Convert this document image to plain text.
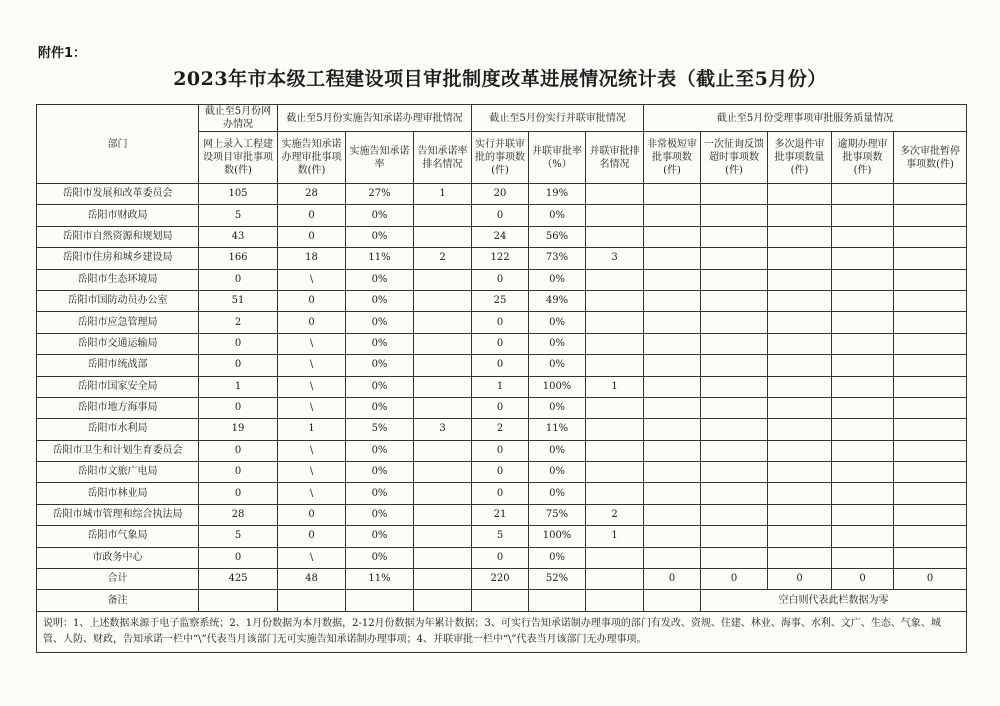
附件1：
2023年市本级工程建设项目审批制度改革进展情况统计表（截止至5月份）
部门	截止至5月份网办情况	截止至5月份实施告知承诺办理审批情况			截止至5月份实行并联审批情况			截止至5月份受理事项审批服务质量情况				
	网上录入工程建设项目审批事项数(件)	实施告知承诺办理审批事项数(件)	实施告知承诺率	告知承诺率排名情况	实行并联审批的事项数(件)	并联审批率（%）	并联审批排名情况	非常极短审批事项数(件)	一次征询反馈超时事项数(件)	多次退件审批事项数量(件)	逾期办理审批事项数(件)	多次审批暂停事项数(件)
岳阳市发展和改革委员会	105	28	27%	1	20	19%						
岳阳市财政局	5	0	0%		0	0%						
岳阳市自然资源和规划局	43	0	0%		24	56%						
岳阳市住房和城乡建设局	166	18	11%	2	122	73%	3					
岳阳市生态环境局	0	\	0%		0	0%						
岳阳市国防动员办公室	51	0	0%		25	49%						
岳阳市应急管理局	2	0	0%		0	0%						
岳阳市交通运输局	0	\	0%		0	0%						
岳阳市统战部	0	\	0%		0	0%						
岳阳市国家安全局	1	\	0%		1	100%	1					
岳阳市地方海事局	0	\	0%		0	0%						
岳阳市水利局	19	1	5%	3	2	11%						
岳阳市卫生和计划生育委员会	0	\	0%		0	0%						
岳阳市文旅广电局	0	\	0%		0	0%						
岳阳市林业局	0	\	0%		0	0%						
岳阳市城市管理和综合执法局	28	0	0%		21	75%	2					
岳阳市气象局	5	0	0%		5	100%	1					
市政务中心	0	\	0%		0	0%						
合计	425	48	11%		220	52%		0	0	0	0	0
备注									空白则代表此栏数据为零			
说明：1、上述数据来源于电子监察系统；2、1月份数据为本月数据，2-12月份数据为年累计数据；3、可实行告知承诺制办理事项的部门有发改、资规、住建、林业、海事、水利、文广、生态、气象、城管、人防、财政，告知承诺一栏中“\”代表当月该部门无可实施告知承诺制办理事项；4、并联审批一栏中“\”代表当月该部门无办理事项。												
